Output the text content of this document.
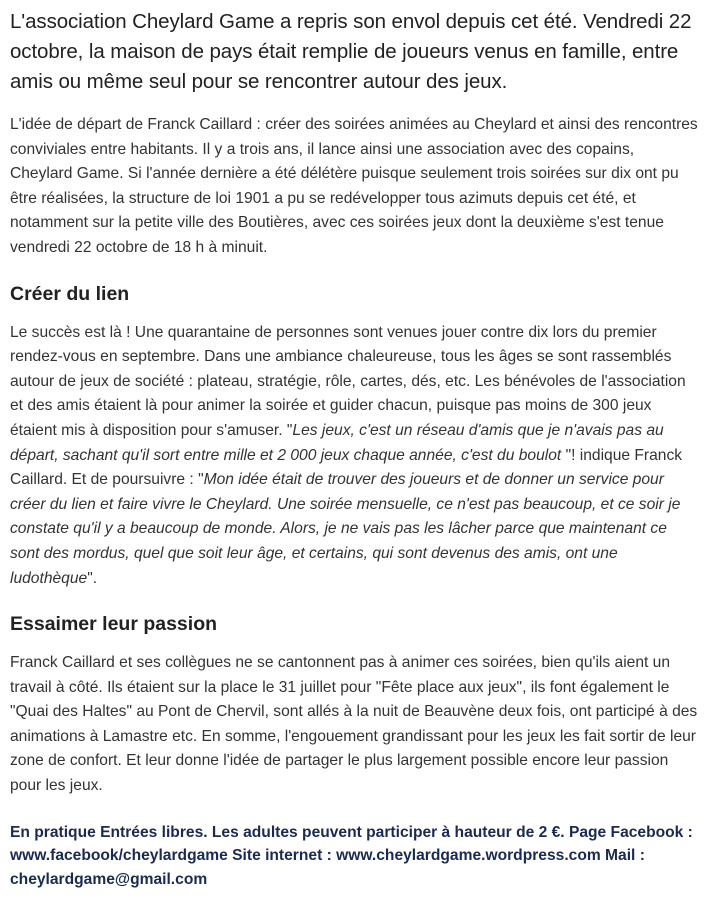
L'association Cheylard Game a repris son envol depuis cet été. Vendredi 22 octobre, la maison de pays était remplie de joueurs venus en famille, entre amis ou même seul pour se rencontrer autour des jeux.

L'idée de départ de Franck Caillard : créer des soirées animées au Cheylard et ainsi des rencontres conviviales entre habitants. Il y a trois ans, il lance ainsi une association avec des copains, Cheylard Game. Si l'année dernière a été délétère puisque seulement trois soirées sur dix ont pu être réalisées, la structure de loi 1901 a pu se redévelopper tous azimuts depuis cet été, et notamment sur la petite ville des Boutières, avec ces soirées jeux dont la deuxième s'est tenue vendredi 22 octobre de 18 h à minuit.

Créer du lien

Le succès est là ! Une quarantaine de personnes sont venues jouer contre dix lors du premier rendez-vous en septembre. Dans une ambiance chaleureuse, tous les âges se sont rassemblés autour de jeux de société : plateau, stratégie, rôle, cartes, dés, etc. Les bénévoles de l'association et des amis étaient là pour animer la soirée et guider chacun, puisque pas moins de 300 jeux étaient mis à disposition pour s'amuser. "Les jeux, c'est un réseau d'amis que je n'avais pas au départ, sachant qu'il sort entre mille et 2 000 jeux chaque année, c'est du boulot "! indique Franck Caillard. Et de poursuivre : "Mon idée était de trouver des joueurs et de donner un service pour créer du lien et faire vivre le Cheylard. Une soirée mensuelle, ce n'est pas beaucoup, et ce soir je constate qu'il y a beaucoup de monde. Alors, je ne vais pas les lâcher parce que maintenant ce sont des mordus, quel que soit leur âge, et certains, qui sont devenus des amis, ont une ludothèque".

Essaimer leur passion

Franck Caillard et ses collègues ne se cantonnent pas à animer ces soirées, bien qu'ils aient un travail à côté. Ils étaient sur la place le 31 juillet pour "Fête place aux jeux", ils font également le "Quai des Haltes" au Pont de Chervil, sont allés à la nuit de Beauvène deux fois, ont participé à des animations à Lamastre etc. En somme, l'engouement grandissant pour les jeux les fait sortir de leur zone de confort. Et leur donne l'idée de partager le plus largement possible encore leur passion pour les jeux.

En pratique Entrées libres. Les adultes peuvent participer à hauteur de 2 €. Page Facebook : www.facebook/cheylardgame Site internet : www.cheylardgame.wordpress.com Mail : cheylardgame@gmail.com
